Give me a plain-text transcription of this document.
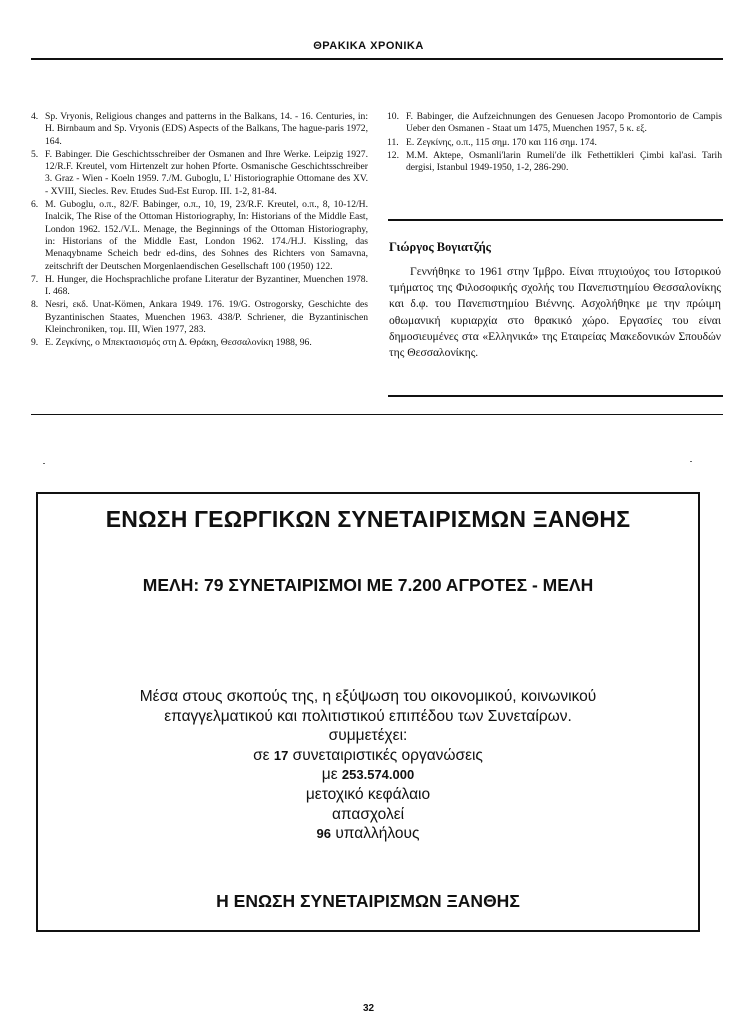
ΘΡΑΚΙΚΑ ΧΡΟΝΙΚΑ
4. Sp. Vryonis, Religious changes and patterns in the Balkans, 14. - 16. Centuries, in: H. Birnbaum and Sp. Vryonis (EDS) Aspects of the Balkans, The hague-paris 1972, 164.
5. F. Babinger. Die Geschichtsschreiber der Osmanen and Ihre Werke. Leipzig 1927. 12/R.F. Kreutel, vom Hirtenzelt zur hohen Pforte. Osmanische Geschichtsschreiber 3. Graz - Wien - Koeln 1959. 7./M. Guboglu, L' Historiographie Ottomane des XV. - XVIII, Siecles. Rev. Etudes Sud-Est Europ. III. 1-2, 81-84.
6. M. Guboglu, ο.π., 82/F. Babinger, ο.π., 10, 19, 23/R.F. Kreutel, ο.π., 8, 10-12/H. Inalcik, The Rise of the Ottoman Historiography, In: Historians of the Middle East, London 1962. 152./V.L. Menage, the Beginnings of the Ottoman Historiography, in: Historians of the Middle East, London 1962. 174./H.J. Kissling, das Menaqybname Scheich bedr ed-dins, des Sohnes des Richters von Samavna, zeitschrift der Deutschen Morgenlaendischen Gesellschaft 100 (1950) 122.
7. H. Hunger, die Hochsprachliche profane Literatur der Byzantiner, Muenchen 1978. I. 468.
8. Nesri, εκδ. Unat-Kömen, Ankara 1949. 176. 19/G. Ostrogorsky, Geschichte des Byzantinischen Staates, Muenchen 1963. 438/P. Schriener, die Byzantinischen Kleinchroniken, τομ. III, Wien 1977, 283.
9. Ε. Ζεγκίνης, ο Μπεκτασισμός στη Δ. Θράκη, Θεσσαλονίκη 1988, 96.
10. F. Babinger, die Aufzeichnungen des Genuesen Jacopo Promontorio de Campis Ueber den Osmanen - Staat um 1475, Muenchen 1957, 5 κ. εξ.
11. Ε. Ζεγκίνης, ο.π., 115 σημ. 170 και 116 σημ. 174.
12. M.M. Aktepe, Osmanli'larin Rumeli'de ilk Fethettikleri Çimbi kal'asi. Tarih dergisi, Istanbul 1949-1950, 1-2, 286-290.
Γιώργος Βογιατζής
Γεννήθηκε το 1961 στην Ίμβρο. Είναι πτυχιούχος του Ιστορικού τμήματος της Φιλοσοφικής σχολής του Πανεπιστημίου Θεσσαλονίκης και δ.φ. του Πανεπιστημίου Βιέννης. Ασχολήθηκε με την πρώιμη οθωμανική κυριαρχία στο θρακικό χώρο. Εργασίες του είναι δημοσιευμένες στα «Ελληνικά» της Εταιρείας Μακεδονικών Σπουδών της Θεσσαλονίκης.
ΕΝΩΣΗ ΓΕΩΡΓΙΚΩΝ ΣΥΝΕΤΑΙΡΙΣΜΩΝ ΞΑΝΘΗΣ
ΜΕΛΗ: 79 ΣΥΝΕΤΑΙΡΙΣΜΟΙ ΜΕ 7.200 ΑΓΡΟΤΕΣ - ΜΕΛΗ
Μέσα στους σκοπούς της, η εξύψωση του οικονομικού, κοινωνικού
επαγγελματικού και πολιτιστικού επιπέδου των Συνεταίρων.
συμμετέχει:
σε 17 συνεταιριστικές οργανώσεις
με 253.574.000
μετοχικό κεφάλαιο
απασχολεί
96 υπαλλήλους
Η ΕΝΩΣΗ ΣΥΝΕΤΑΙΡΙΣΜΩΝ ΞΑΝΘΗΣ
32
